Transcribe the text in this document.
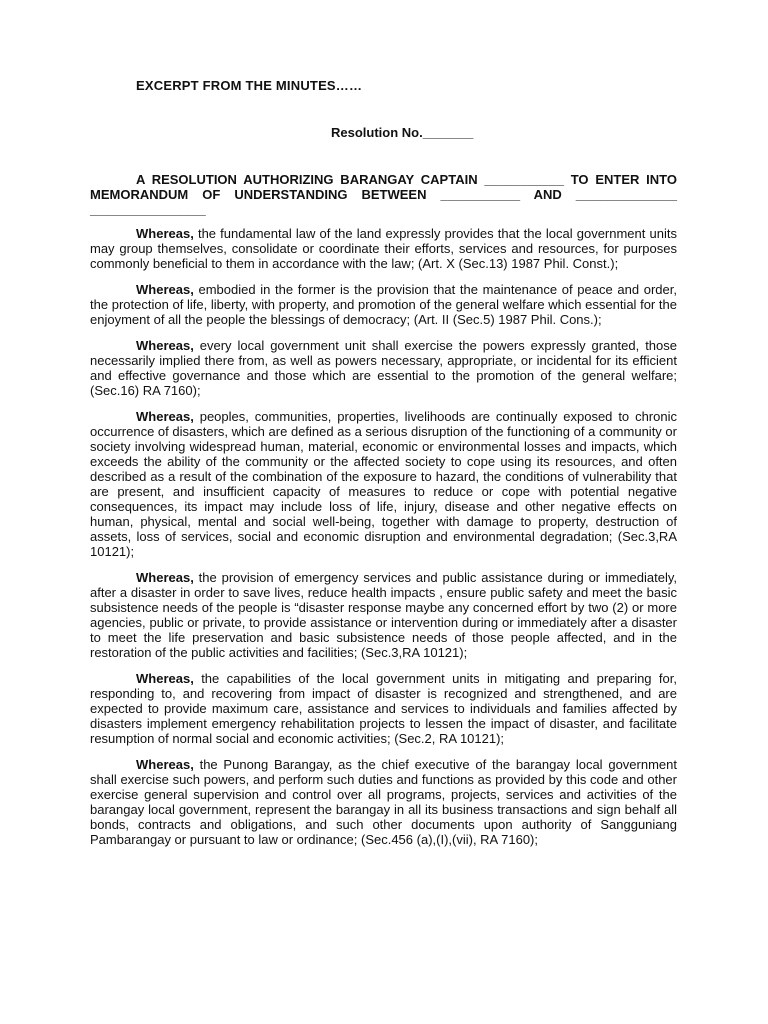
EXCERPT FROM THE MINUTES……

Resolution No._______

A RESOLUTION AUTHORIZING BARANGAY CAPTAIN ___________ TO ENTER INTO MEMORANDUM OF UNDERSTANDING BETWEEN ___________ AND ______________ ________________

Whereas, the fundamental law of the land expressly provides that the local government units may group themselves, consolidate or coordinate their efforts, services and resources, for purposes commonly beneficial to them in accordance with the law; (Art. X (Sec.13) 1987 Phil. Const.);

Whereas, embodied in the former is the provision that the maintenance of peace and order, the protection of life, liberty, with property, and promotion of the general welfare which essential for the enjoyment of all the people the blessings of democracy; (Art. II (Sec.5) 1987 Phil. Cons.);

Whereas, every local government unit shall exercise the powers expressly granted, those necessarily implied there from, as well as powers necessary, appropriate, or incidental for its efficient and effective governance and those which are essential to the promotion of the general welfare; (Sec.16) RA 7160);

Whereas, peoples, communities, properties, livelihoods are continually exposed to chronic occurrence of disasters, which are defined as a serious disruption of the functioning of a community or society involving widespread human, material, economic or environmental losses and impacts, which exceeds the ability of the community or the affected society to cope using its resources, and often described as a result of the combination of the exposure to hazard, the conditions of vulnerability that are present, and insufficient capacity of measures to reduce or cope with potential negative consequences, its impact may include loss of life, injury, disease and other negative effects on human, physical, mental and social well-being, together with damage to property, destruction of assets, loss of services, social and economic disruption and environmental degradation; (Sec.3,RA 10121);

Whereas, the provision of emergency services and public assistance during or immediately, after a disaster in order to save lives, reduce health impacts , ensure public safety and meet the basic subsistence needs of the people is “disaster response maybe any concerned effort by two (2) or more agencies, public or private, to provide assistance or intervention during or immediately after a disaster to meet the life preservation and basic subsistence needs of those people affected, and in the restoration of the public activities and facilities; (Sec.3,RA 10121);

Whereas, the capabilities of the local government units in mitigating and preparing for, responding to, and recovering from impact of disaster is recognized and strengthened, and are expected to provide maximum care, assistance and services to individuals and families affected by disasters implement emergency rehabilitation projects to lessen the impact of disaster, and facilitate resumption of normal social and economic activities; (Sec.2, RA 10121);

Whereas, the Punong Barangay, as the chief executive of the barangay local government shall exercise such powers, and perform such duties and functions as provided by this code and other exercise general supervision and control over all programs, projects, services and activities of the barangay local government, represent the barangay in all its business transactions and sign behalf all bonds, contracts and obligations, and such other documents upon authority of Sangguniang Pambarangay or pursuant to law or ordinance; (Sec.456 (a),(I),(vii), RA 7160);
